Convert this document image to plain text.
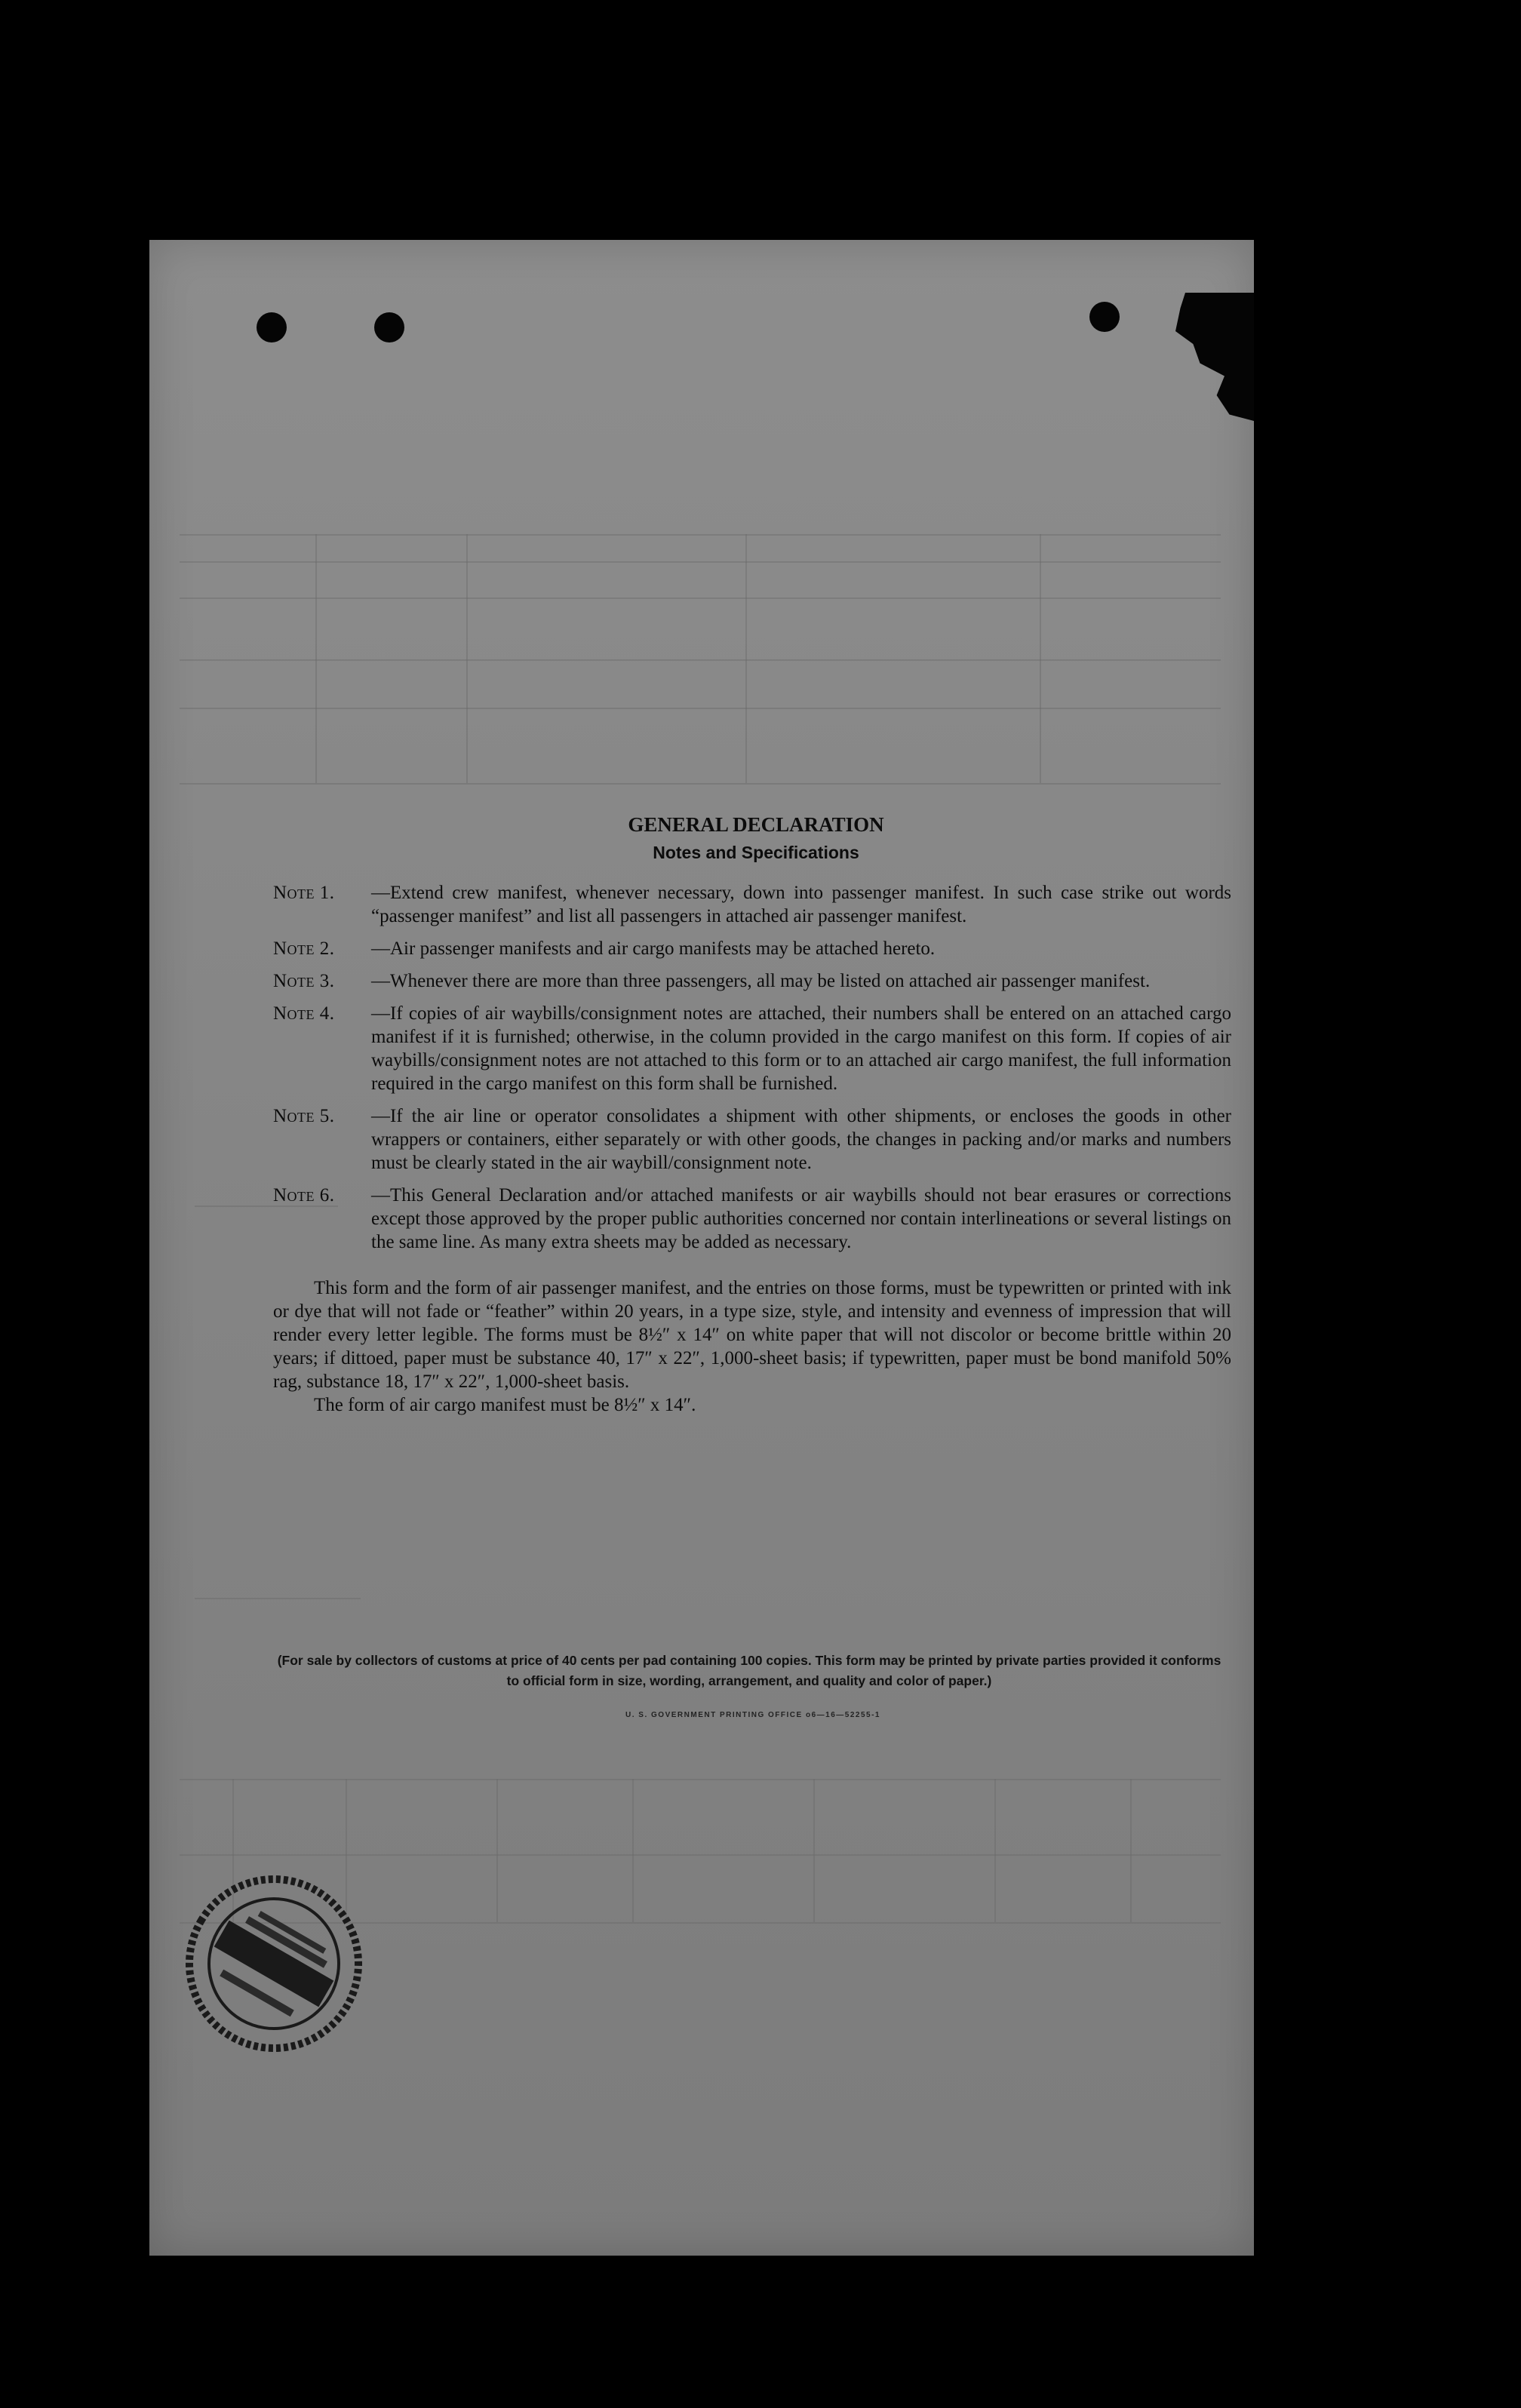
GENERAL DECLARATION
Notes and Specifications
Note 1. —Extend crew manifest, whenever necessary, down into passenger manifest. In such case strike out words “passenger manifest” and list all passengers in attached air passenger manifest.
Note 2. —Air passenger manifests and air cargo manifests may be attached hereto.
Note 3. —Whenever there are more than three passengers, all may be listed on attached air passenger manifest.
Note 4. —If copies of air waybills/consignment notes are attached, their numbers shall be entered on an attached cargo manifest if it is furnished; otherwise, in the column provided in the cargo manifest on this form. If copies of air waybills/consignment notes are not attached to this form or to an attached air cargo manifest, the full information required in the cargo manifest on this form shall be furnished.
Note 5. —If the air line or operator consolidates a shipment with other shipments, or encloses the goods in other wrappers or containers, either separately or with other goods, the changes in packing and/or marks and numbers must be clearly stated in the air waybill/consignment note.
Note 6. —This General Declaration and/or attached manifests or air waybills should not bear erasures or corrections except those approved by the proper public authorities concerned nor contain interlineations or several listings on the same line. As many extra sheets may be added as necessary.
This form and the form of air passenger manifest, and the entries on those forms, must be typewritten or printed with ink or dye that will not fade or “feather” within 20 years, in a type size, style, and intensity and evenness of impression that will render every letter legible. The forms must be 8½″ x 14″ on white paper that will not discolor or become brittle within 20 years; if dittoed, paper must be substance 40, 17″ x 22″, 1,000-sheet basis; if typewritten, paper must be bond manifold 50% rag, substance 18, 17″ x 22″, 1,000-sheet basis.
The form of air cargo manifest must be 8½″ x 14″.
(For sale by collectors of customs at price of 40 cents per pad containing 100 copies. This form may be printed by private parties provided it conforms to official form in size, wording, arrangement, and quality and color of paper.)
U. S. GOVERNMENT PRINTING OFFICE o6—16—52255-1
